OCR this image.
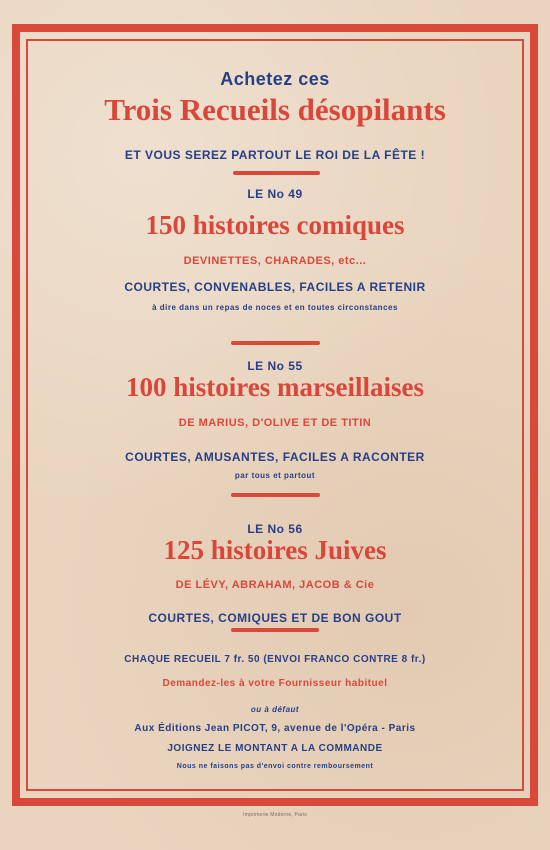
Achetez ces
Trois Recueils désopilants
ET VOUS SEREZ PARTOUT LE ROI DE LA FÊTE !
LE No 49
150 histoires comiques
DEVINETTES, CHARADES, etc...
COURTES, CONVENABLES, FACILES A RETENIR
à dire dans un repas de noces et en toutes circonstances
LE No 55
100 histoires marseillaises
DE MARIUS, D'OLIVE ET DE TITIN
COURTES, AMUSANTES, FACILES A RACONTER
par tous et partout
LE No 56
125 histoires Juives
DE LÉVY, ABRAHAM, JACOB & Cie
COURTES, COMIQUES ET DE BON GOUT
CHAQUE RECUEIL 7 fr. 50 (ENVOI FRANCO CONTRE 8 fr.)
Demandez-les à votre Fournisseur habituel
ou à défaut
Aux Éditions Jean PICOT, 9, avenue de l'Opéra - Paris
JOIGNEZ LE MONTANT A LA COMMANDE
Nous ne faisons pas d'envoi contre remboursement
Imprimerie Moderne, Paris
